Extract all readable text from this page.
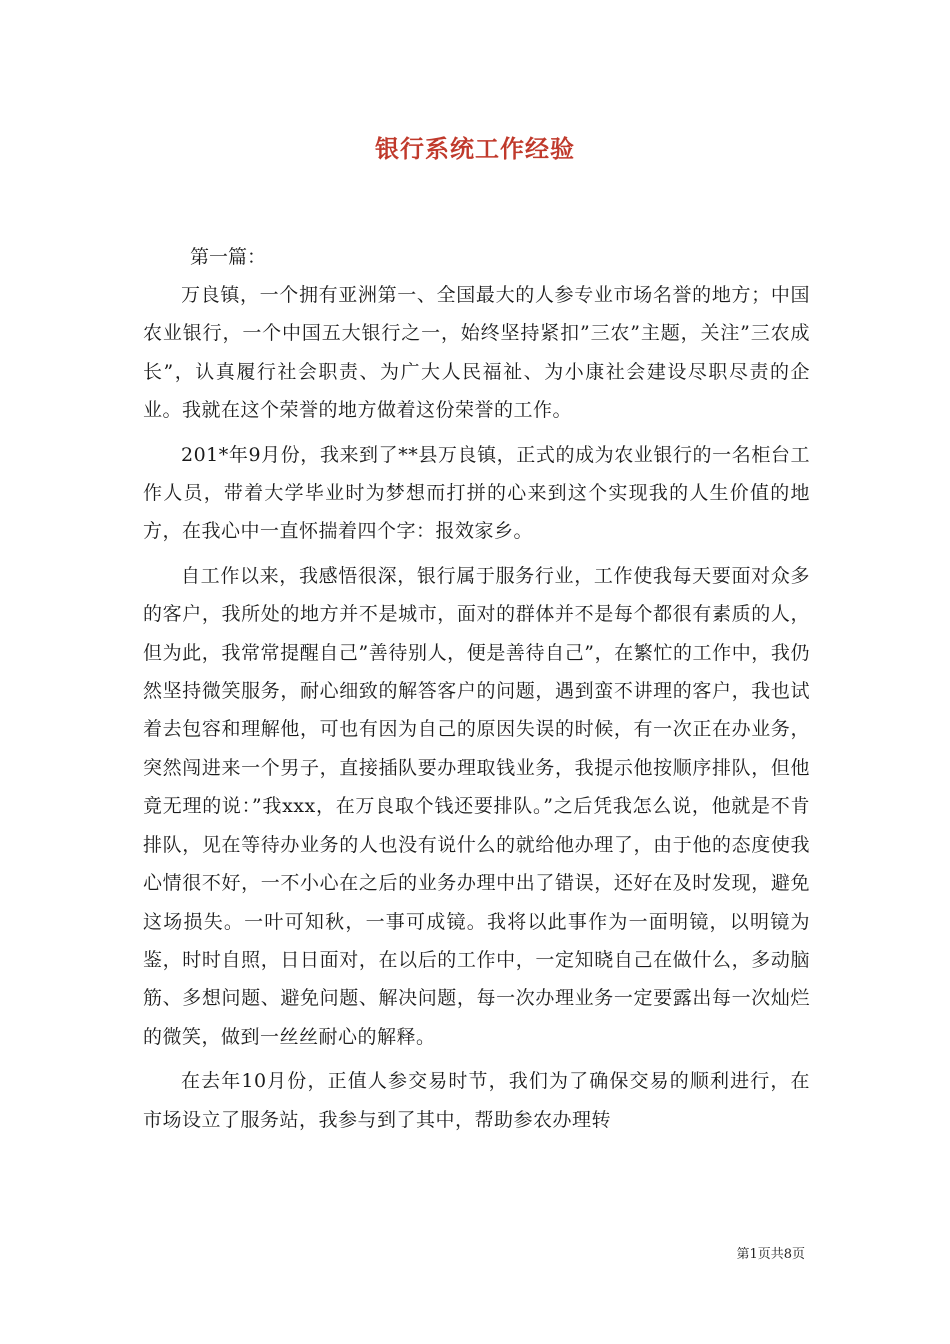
银行系统工作经验
第一篇：

万良镇，一个拥有亚洲第一、全国最大的人参专业市场名誉的地方；中国农业银行，一个中国五大银行之一，始终坚持紧扣”三农”主题，关注”三农成长”，认真履行社会职责、为广大人民福祉、为小康社会建设尽职尽责的企业。我就在这个荣誉的地方做着这份荣誉的工作。

201*年9月份，我来到了**县万良镇，正式的成为农业银行的一名柜台工作人员，带着大学毕业时为梦想而打拼的心来到这个实现我的人生价值的地方，在我心中一直怀揣着四个字：报效家乡。

自工作以来，我感悟很深，银行属于服务行业，工作使我每天要面对众多的客户，我所处的地方并不是城市，面对的群体并不是每个都很有素质的人，但为此，我常常提醒自己”善待别人，便是善待自己”，在繁忙的工作中，我仍然坚持微笑服务，耐心细致的解答客户的问题，遇到蛮不讲理的客户，我也试着去包容和理解他，可也有因为自己的原因失误的时候，有一次正在办业务，突然闯进来一个男子，直接插队要办理取钱业务，我提示他按顺序排队，但他竟无理的说：”我xxx，在万良取个钱还要排队。”之后凭我怎么说，他就是不肯排队，见在等待办业务的人也没有说什么的就给他办理了，由于他的态度使我心情很不好，一不小心在之后的业务办理中出了错误，还好在及时发现，避免这场损失。一叶可知秋，一事可成镜。我将以此事作为一面明镜，以明镜为鉴，时时自照，日日面对，在以后的工作中，一定知晓自己在做什么，多动脑筋、多想问题、避免问题、解决问题，每一次办理业务一定要露出每一次灿烂的微笑，做到一丝丝耐心的解释。

在去年10月份，正值人参交易时节，我们为了确保交易的顺利进行，在市场设立了服务站，我参与到了其中，帮助参农办理转

第1页共8页
